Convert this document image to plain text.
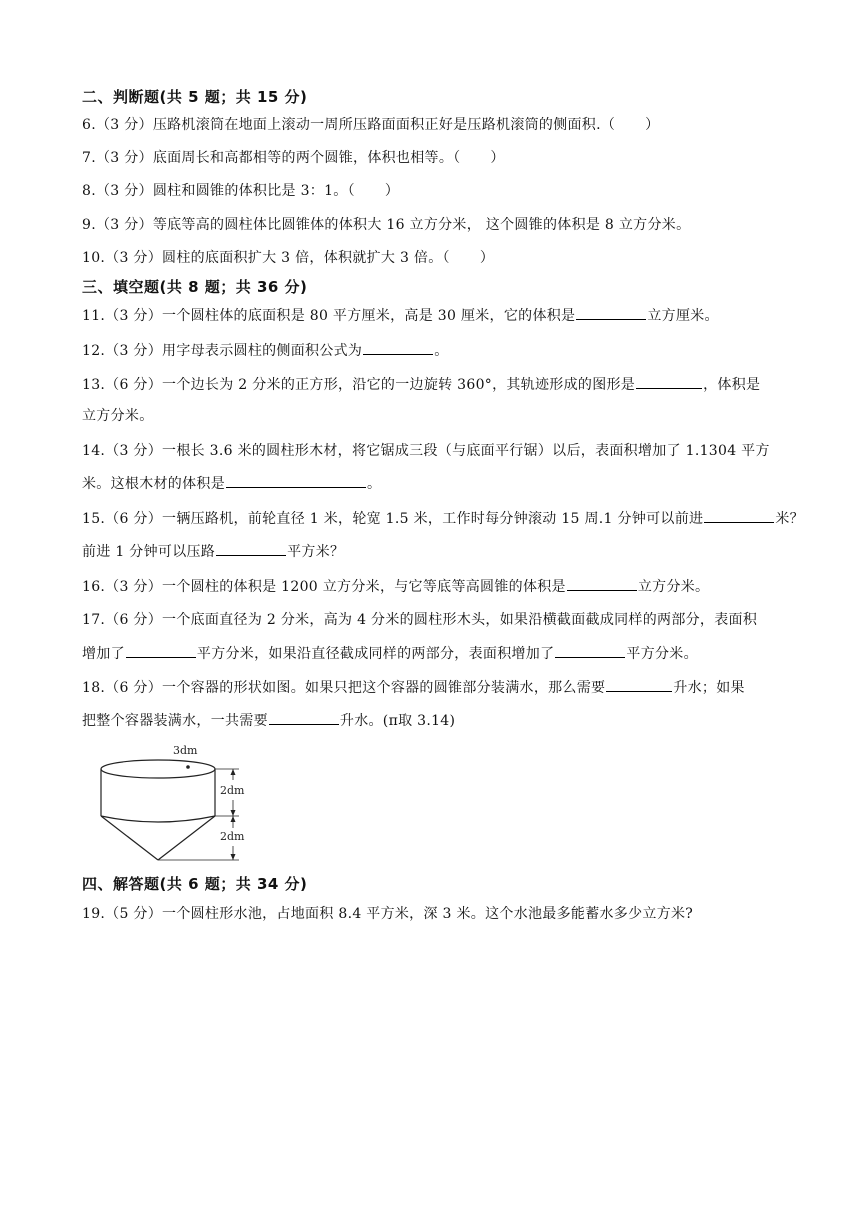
二、判断题(共 5 题；共 15 分)
6.（3 分）压路机滚筒在地面上滚动一周所压路面面积正好是压路机滚筒的侧面积.（ ）
7.（3 分）底面周长和高都相等的两个圆锥，体积也相等。（ ）
8.（3 分）圆柱和圆锥的体积比是 3：1。（ ）
9.（3 分）等底等高的圆柱体比圆锥体的体积大 16 立方分米， 这个圆锥的体积是 8 立方分米。
10.（3 分）圆柱的底面积扩大 3 倍，体积就扩大 3 倍。（ ）
三、填空题(共 8 题；共 36 分)
11.（3 分）一个圆柱体的底面积是 80 平方厘米，高是 30 厘米，它的体积是	立方厘米。
12.（3 分）用字母表示圆柱的侧面积公式为	。
13.（6 分）一个边长为 2 分米的正方形，沿它的一边旋转 360°，其轨迹形成的图形是	，体积是
立方分米。
14.（3 分）一根长 3.6 米的圆柱形木材，将它锯成三段（与底面平行锯）以后，表面积增加了 1.1304 平方
米。这根木材的体积是	。
15.（6 分）一辆压路机，前轮直径 1 米，轮宽 1.5 米，工作时每分钟滚动 15 周.1 分钟可以前进	米？
前进 1 分钟可以压路	平方米？
16.（3 分）一个圆柱的体积是 1200 立方分米，与它等底等高圆锥的体积是	立方分米。
17.（6 分）一个底面直径为 2 分米，高为 4 分米的圆柱形木头，如果沿横截面截成同样的两部分，表面积
增加了	平方分米，如果沿直径截成同样的两部分，表面积增加了	平方分米。
18.（6 分）一个容器的形状如图。如果只把这个容器的圆锥部分装满水，那么需要	升水；如果
把整个容器装满水，一共需要	升水。(π取 3.14)
3dm
2dm
2dm
四、解答题(共 6 题；共 34 分)
19.（5 分）一个圆柱形水池，占地面积 8.4 平方米，深 3 米。这个水池最多能蓄水多少立方米?
